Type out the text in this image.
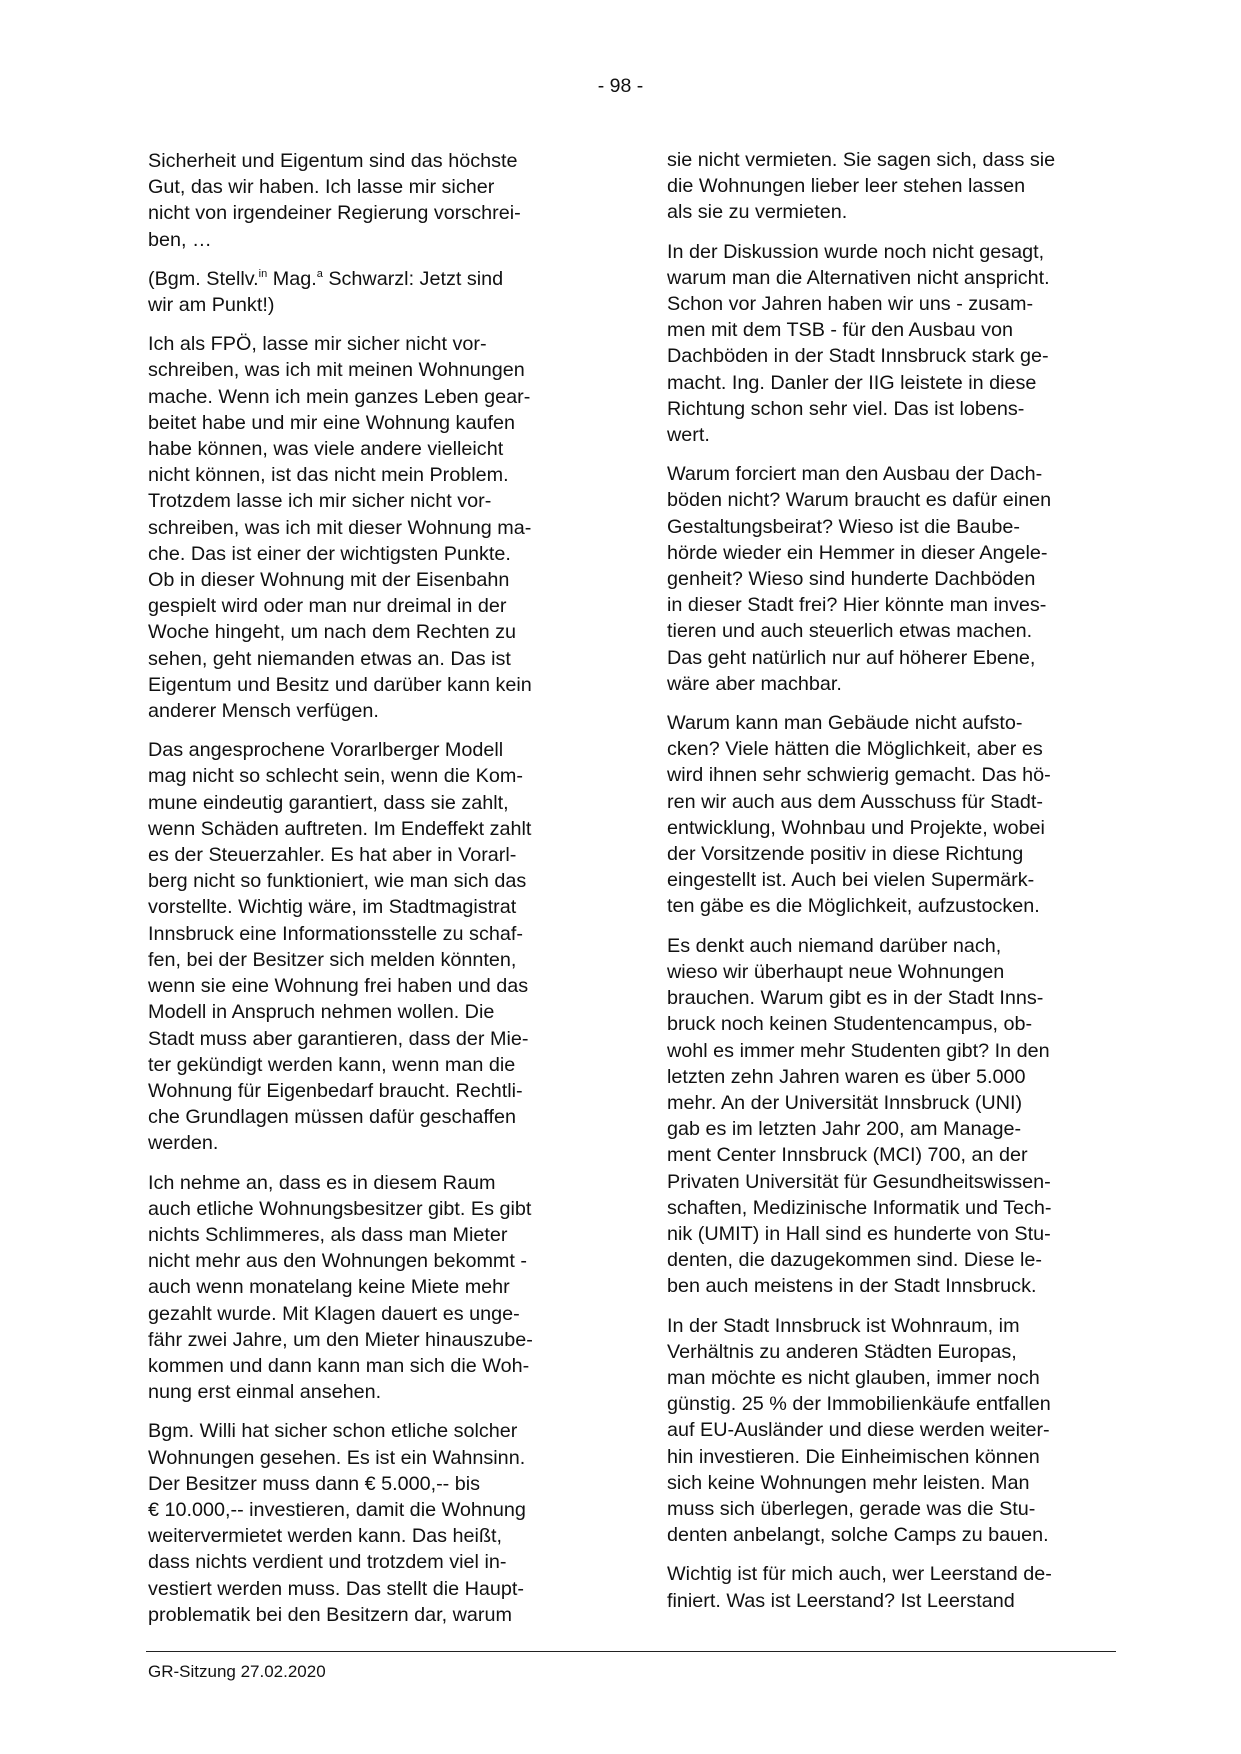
- 98 -

Sicherheit und Eigentum sind das höchste
Gut, das wir haben. Ich lasse mir sicher
nicht von irgendeiner Regierung vorschrei-
ben, …

(Bgm. Stellv.$^{in}$ Mag.$^a$ Schwarzl: Jetzt sind
wir am Punkt!)

Ich als FPÖ, lasse mir sicher nicht vor-
schreiben, was ich mit meinen Wohnungen
mache. Wenn ich mein ganzes Leben gear-
beitet habe und mir eine Wohnung kaufen
habe können, was viele andere vielleicht
nicht können, ist das nicht mein Problem.
Trotzdem lasse ich mir sicher nicht vor-
schreiben, was ich mit dieser Wohnung ma-
che. Das ist einer der wichtigsten Punkte.
Ob in dieser Wohnung mit der Eisenbahn
gespielt wird oder man nur dreimal in der
Woche hingeht, um nach dem Rechten zu
sehen, geht niemanden etwas an. Das ist
Eigentum und Besitz und darüber kann kein
anderer Mensch verfügen.

Das angesprochene Vorarlberger Modell
mag nicht so schlecht sein, wenn die Kom-
mune eindeutig garantiert, dass sie zahlt,
wenn Schäden auftreten. Im Endeffekt zahlt
es der Steuerzahler. Es hat aber in Vorarl-
berg nicht so funktioniert, wie man sich das
vorstellte. Wichtig wäre, im Stadtmagistrat
Innsbruck eine Informationsstelle zu schaf-
fen, bei der Besitzer sich melden könnten,
wenn sie eine Wohnung frei haben und das
Modell in Anspruch nehmen wollen. Die
Stadt muss aber garantieren, dass der Mie-
ter gekündigt werden kann, wenn man die
Wohnung für Eigenbedarf braucht. Rechtli-
che Grundlagen müssen dafür geschaffen
werden.

Ich nehme an, dass es in diesem Raum
auch etliche Wohnungsbesitzer gibt. Es gibt
nichts Schlimmeres, als dass man Mieter
nicht mehr aus den Wohnungen bekommt -
auch wenn monatelang keine Miete mehr
gezahlt wurde. Mit Klagen dauert es unge-
fähr zwei Jahre, um den Mieter hinauszube-
kommen und dann kann man sich die Woh-
nung erst einmal ansehen.

Bgm. Willi hat sicher schon etliche solcher
Wohnungen gesehen. Es ist ein Wahnsinn.
Der Besitzer muss dann € 5.000,-- bis
€ 10.000,-- investieren, damit die Wohnung
weitervermietet werden kann. Das heißt,
dass nichts verdient und trotzdem viel in-
vestiert werden muss. Das stellt die Haupt-
problematik bei den Besitzern dar, warum

sie nicht vermieten. Sie sagen sich, dass sie
die Wohnungen lieber leer stehen lassen
als sie zu vermieten.

In der Diskussion wurde noch nicht gesagt,
warum man die Alternativen nicht anspricht.
Schon vor Jahren haben wir uns - zusam-
men mit dem TSB - für den Ausbau von
Dachböden in der Stadt Innsbruck stark ge-
macht. Ing. Danler der IIG leistete in diese
Richtung schon sehr viel. Das ist lobens-
wert.

Warum forciert man den Ausbau der Dach-
böden nicht? Warum braucht es dafür einen
Gestaltungsbeirat? Wieso ist die Baube-
hörde wieder ein Hemmer in dieser Angele-
genheit? Wieso sind hunderte Dachböden
in dieser Stadt frei? Hier könnte man inves-
tieren und auch steuerlich etwas machen.
Das geht natürlich nur auf höherer Ebene,
wäre aber machbar.

Warum kann man Gebäude nicht aufsto-
cken? Viele hätten die Möglichkeit, aber es
wird ihnen sehr schwierig gemacht. Das hö-
ren wir auch aus dem Ausschuss für Stadt-
entwicklung, Wohnbau und Projekte, wobei
der Vorsitzende positiv in diese Richtung
eingestellt ist. Auch bei vielen Supermärk-
ten gäbe es die Möglichkeit, aufzustocken.

Es denkt auch niemand darüber nach,
wieso wir überhaupt neue Wohnungen
brauchen. Warum gibt es in der Stadt Inns-
bruck noch keinen Studentencampus, ob-
wohl es immer mehr Studenten gibt? In den
letzten zehn Jahren waren es über 5.000
mehr. An der Universität Innsbruck (UNI)
gab es im letzten Jahr 200, am Manage-
ment Center Innsbruck (MCI) 700, an der
Privaten Universität für Gesundheitswissen-
schaften, Medizinische Informatik und Tech-
nik (UMIT) in Hall sind es hunderte von Stu-
denten, die dazugekommen sind. Diese le-
ben auch meistens in der Stadt Innsbruck.

In der Stadt Innsbruck ist Wohnraum, im
Verhältnis zu anderen Städten Europas,
man möchte es nicht glauben, immer noch
günstig. 25 % der Immobilienkäufe entfallen
auf EU-Ausländer und diese werden weiter-
hin investieren. Die Einheimischen können
sich keine Wohnungen mehr leisten. Man
muss sich überlegen, gerade was die Stu-
denten anbelangt, solche Camps zu bauen.

Wichtig ist für mich auch, wer Leerstand de-
finiert. Was ist Leerstand? Ist Leerstand

GR-Sitzung 27.02.2020
